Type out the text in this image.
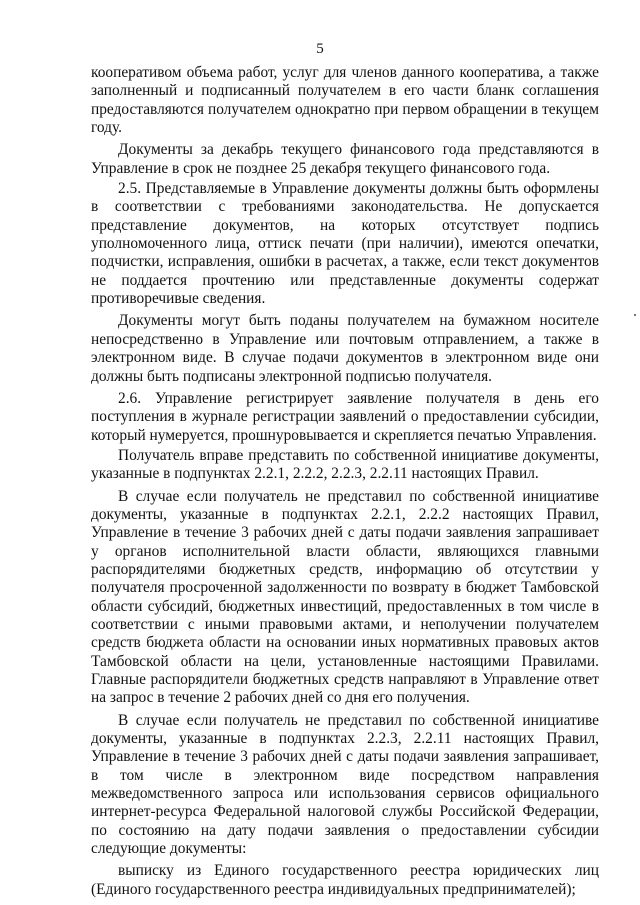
5

кооперативом объема работ, услуг для членов данного кооператива, а также заполненный и подписанный получателем в его части бланк соглашения предоставляются получателем однократно при первом обращении в текущем году.

Документы за декабрь текущего финансового года представляются в Управление в срок не позднее 25 декабря текущего финансового года.

2.5. Представляемые в Управление документы должны быть оформлены в соответствии с требованиями законодательства. Не допускается представление документов, на которых отсутствует подпись уполномоченного лица, оттиск печати (при наличии), имеются опечатки, подчистки, исправления, ошибки в расчетах, а также, если текст документов не поддается прочтению или представленные документы содержат противоречивые сведения.

Документы могут быть поданы получателем на бумажном носителе непосредственно в Управление или почтовым отправлением, а также в электронном виде. В случае подачи документов в электронном виде они должны быть подписаны электронной подписью получателя.

2.6. Управление регистрирует заявление получателя в день его поступления в журнале регистрации заявлений о предоставлении субсидии, который нумеруется, прошнуровывается и скрепляется печатью Управления.

Получатель вправе представить по собственной инициативе документы, указанные в подпунктах 2.2.1, 2.2.2, 2.2.3, 2.2.11 настоящих Правил.

В случае если получатель не представил по собственной инициативе документы, указанные в подпунктах 2.2.1, 2.2.2 настоящих Правил, Управление в течение 3 рабочих дней с даты подачи заявления запрашивает у органов исполнительной власти области, являющихся главными распорядителями бюджетных средств, информацию об отсутствии у получателя просроченной задолженности по возврату в бюджет Тамбовской области субсидий, бюджетных инвестиций, предоставленных в том числе в соответствии с иными правовыми актами, и неполучении получателем средств бюджета области на основании иных нормативных правовых актов Тамбовской области на цели, установленные настоящими Правилами. Главные распорядители бюджетных средств направляют в Управление ответ на запрос в течение 2 рабочих дней со дня его получения.

В случае если получатель не представил по собственной инициативе документы, указанные в подпунктах 2.2.3, 2.2.11 настоящих Правил, Управление в течение 3 рабочих дней с даты подачи заявления запрашивает, в том числе в электронном виде посредством направления межведомственного запроса или использования сервисов официального интернет-ресурса Федеральной налоговой службы Российской Федерации, по состоянию на дату подачи заявления о предоставлении субсидии следующие документы:

выписку из Единого государственного реестра юридических лиц (Единого государственного реестра индивидуальных предпринимателей);
